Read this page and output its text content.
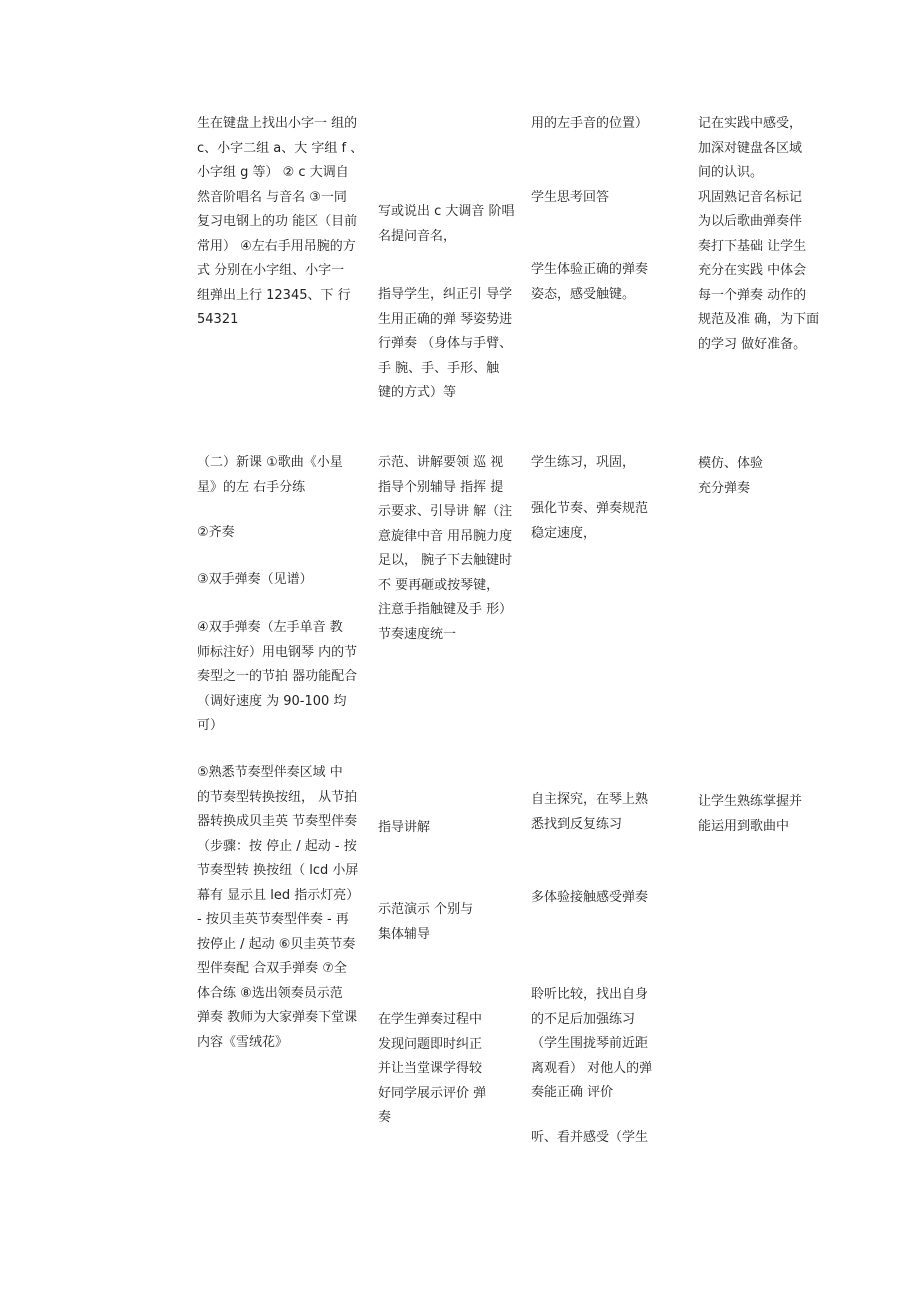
生在键盘上找出小字一 组的
c、小字二组 a、大 字组 f 、
小字组 g 等） ② c 大调自
然音阶唱名 与音名 ③一同
复习电钢上的功 能区（目前
常用） ④左右手用吊腕的方
式 分别在小字组、小字一
组弹出上行 12345、下 行
54321
写或说出 c 大调音 阶唱
名提问音名，
指导学生，纠正引 导学
生用正确的弹 琴姿势进
行弹奏 （身体与手臂、
手 腕、手、手形、触
键的方式）等
用的左手音的位置）
学生思考回答
学生体验正确的弹奏
姿态，感受触键。
记在实践中感受，
加深对键盘各区域
间的认识。
巩固熟记音名标记
为以后歌曲弹奏伴
奏打下基础 让学生
充分在实践 中体会
每一个弹奏 动作的
规范及准 确，为下面
的学习 做好准备。
（二）新课 ①歌曲《小星
星》的左 右手分练
②齐奏
③双手弹奏（见谱）
④双手弹奏（左手单音 教
师标注好）用电钢琴 内的节
奏型之一的节拍 器功能配合
（调好速度 为 90-100 均
可）
示范、讲解要领 巡 视
指导个别辅导 指挥 提
示要求、引导讲 解（注
意旋律中音 用吊腕力度
足以， 腕子下去触键时
不 要再砸或按琴键，
注意手指触键及手 形）
节奏速度统一
学生练习，巩固，
强化节奏、弹奏规范
稳定速度，
模仿、体验
充分弹奏
⑤熟悉节奏型伴奏区域 中
的节奏型转换按纽， 从节拍
器转换成贝圭英 节奏型伴奏
（步骤：按 停止 / 起动 - 按
节奏型转 换按纽（ lcd 小屏
幕有 显示且 led 指示灯亮）
- 按贝圭英节奏型伴奏 - 再
按停止 / 起动 ⑥贝圭英节奏
型伴奏配 合双手弹奏 ⑦全
体合练 ⑧选出领奏员示范
弹奏 教师为大家弹奏下堂课
内容《雪绒花》
指导讲解
示范演示 个别与
集体辅导
在学生弹奏过程中
发现问题即时纠正
并让当堂课学得较
好同学展示评价 弹
奏
自主探究，在琴上熟
悉找到反复练习
多体验接触感受弹奏
聆听比较，找出自身
的不足后加强练习
（学生围拢琴前近距
离观看） 对他人的弹
奏能正确 评价
听、看并感受（学生
让学生熟练掌握并
能运用到歌曲中
